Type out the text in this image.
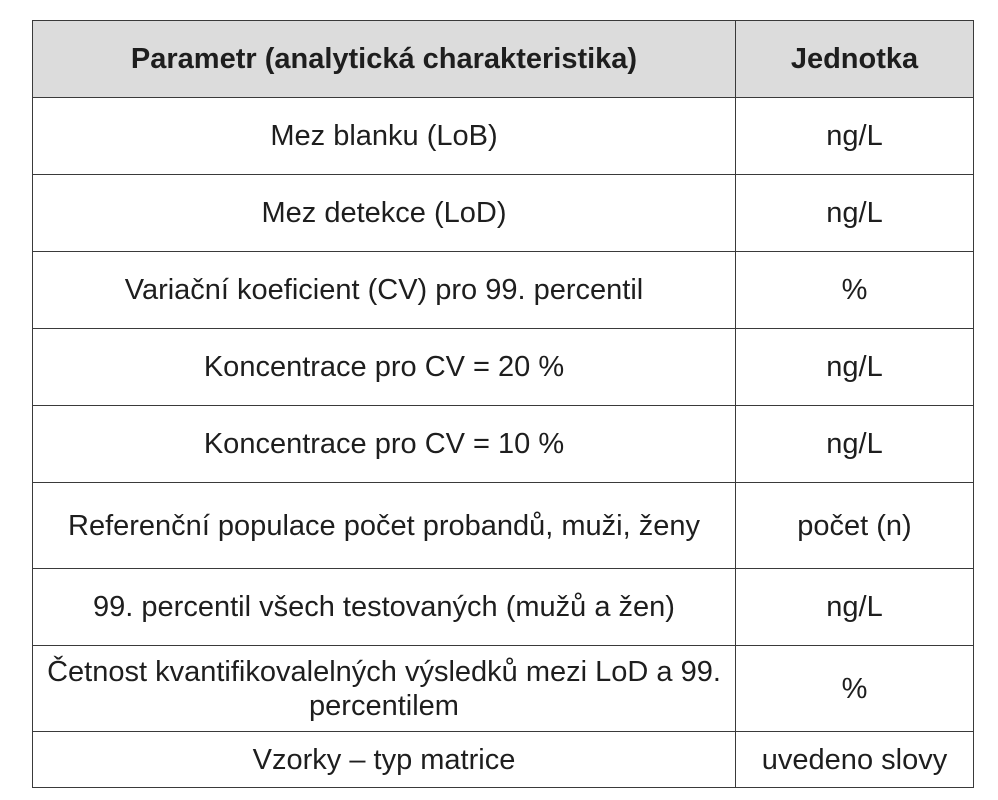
Parametr (analytická charakteristika)	Jednotka
Mez blanku (LoB)	ng/L
Mez detekce (LoD)	ng/L
Variační koeficient (CV) pro 99. percentil	%
Koncentrace pro CV = 20 %	ng/L
Koncentrace pro CV = 10 %	ng/L
Referenční populace počet probandů, muži, ženy	počet (n)
99. percentil všech testovaných (mužů a žen)	ng/L
Četnost kvantifikovalelných výsledků mezi LoD a 99. percentilem	%
Vzorky – typ matrice	uvedeno slovy
